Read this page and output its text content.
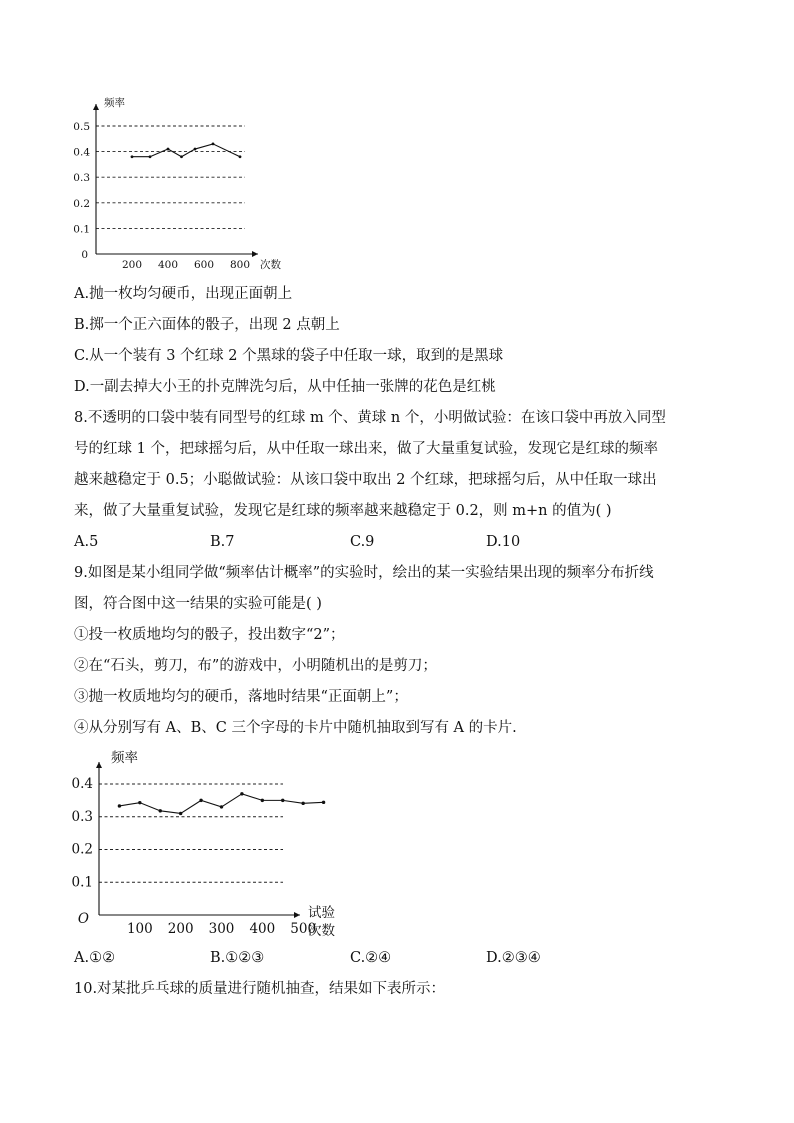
0.5
0.4
0.3
0.2
0.1
200 400 600 800
0
频率
次数
0.4
0.3
0.2
0.1
100 200 300 400 500
O
频率
试验
次数
A.抛一枚均匀硬币，出现正面朝上
B.掷一个正六面体的骰子，出现 2 点朝上
C.从一个装有 3 个红球 2 个黑球的袋子中任取一球，取到的是黑球
D.一副去掉大小王的扑克牌洗匀后，从中任抽一张牌的花色是红桃
8.不透明的口袋中装有同型号的红球 m 个、黄球 n 个，小明做试验：在该口袋中再放入同型
号的红球 1 个，把球摇匀后，从中任取一球出来，做了大量重复试验，发现它是红球的频率
越来越稳定于 0.5；小聪做试验：从该口袋中取出 2 个红球，把球摇匀后，从中任取一球出
来，做了大量重复试验，发现它是红球的频率越来越稳定于 0.2，则 m+n 的值为( )
A.5	B.7	C.9	D.10
9.如图是某小组同学做“频率估计概率”的实验时，绘出的某一实验结果出现的频率分布折线
图，符合图中这一结果的实验可能是( )
①投一枚质地均匀的骰子，投出数字“2”；
②在“石头，剪刀，布”的游戏中，小明随机出的是剪刀；
③抛一枚质地均匀的硬币，落地时结果“正面朝上”；
④从分别写有 A、B、C 三个字母的卡片中随机抽取到写有 A 的卡片.
A.①②	B.①②③	C.②④	D.②③④
10.对某批乒乓球的质量进行随机抽查，结果如下表所示：
